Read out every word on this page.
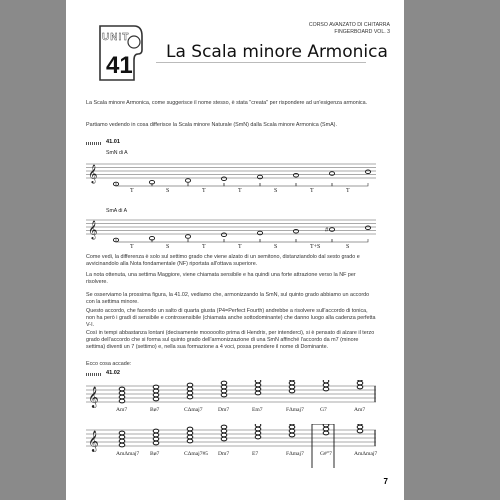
UNIT
41
CORSO AVANZATO DI CHITARRA
FINGERBOARD VOL. 3
La Scala minore Armonica
La Scala minore Armonica, come suggerisce il nome stesso, è stata "creata" per rispondere ad un'esigenza armonica.
Partiamo vedendo in cosa differisce la Scala minore Naturale (SmN) dalla Scala minore Armonica (SmA).
41.01
SmN di A
𝄞
T	S	T	T	S	T	T
SmA di A
𝄞	#
T	S	T	T	S	T+S	S
Come vedi, la differenza è solo sul settimo grado che viene alzato di un semitono, distanziandolo dal sesto grado e avvicinandolo alla Nota fondamentale (NF) riportata all'ottava superiore.
La nota ottenuta, una settima Maggiore, viene chiamata sensibile e ha quindi una forte attrazione verso la NF per risolvere.
Se osserviamo la prossima figura, la 41.02, vediamo che, armonizzando la SmN, sul quinto grado abbiamo un accordo con la settima minore.
Questo accordo, che facendo un salto di quarta giusta (P4=Perfect Fourth) andrebbe a risolvere sull'accordo di tonica, non ha però i gradi di sensibile e controsensibile (chiamata anche sottodominante) che danno luogo alla cadenza perfetta V-I.
Così in tempi abbastanza lontani (decisamente mooooolto prima di Hendrix, per intenderci), si è pensato di alzare il terzo grado dell'accordo che si forma sul quinto grado dell'armonizzazione di una SmN affinché l'accordo da m7 (minore settima) diventi un 7 (settimo) e, nella sua formazione a 4 voci, possa prendere il nome di Dominante.
Ecco cosa accade:
41.02
𝄞
Am7	Bø7	CΔmaj7	Dm7	Em7	FΔmaj7	G7	Am7
𝄞
AmΔmaj7 Bø7	CΔmaj7#5 Dm7	E7	FΔmaj7	G#°7	AmΔmaj7
7
